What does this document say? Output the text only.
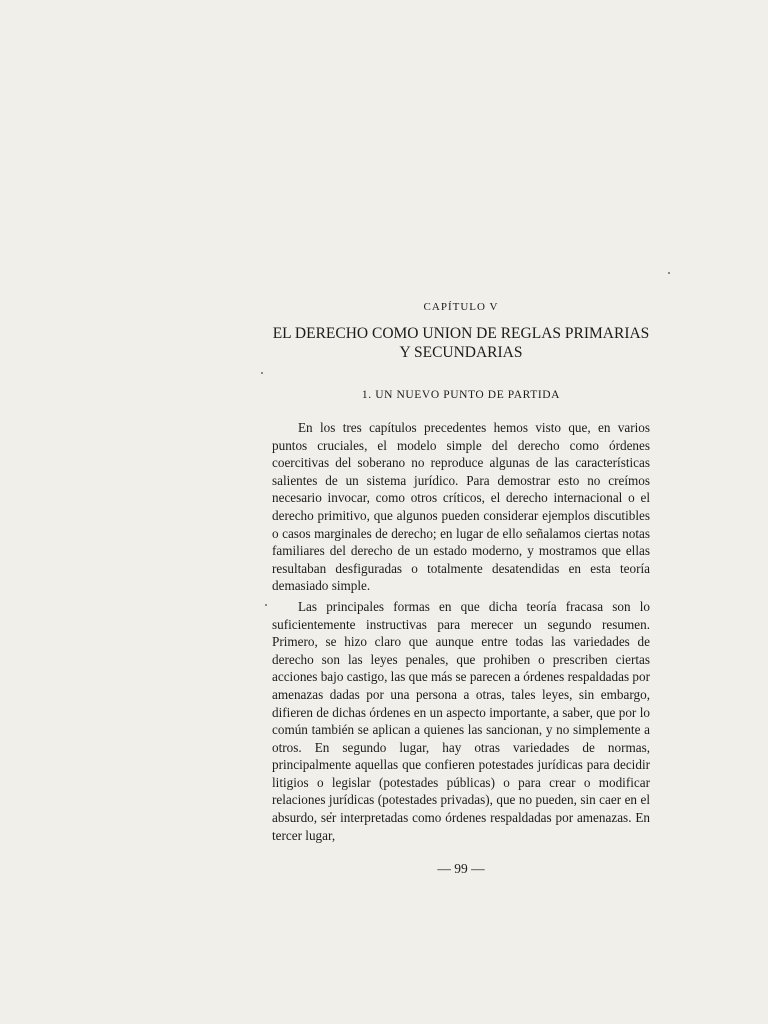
CAPÍTULO V
EL DERECHO COMO UNION DE REGLAS PRIMARIAS
Y SECUNDARIAS
1. UN NUEVO PUNTO DE PARTIDA

En los tres capítulos precedentes hemos visto que, en varios puntos cruciales, el modelo simple del derecho como órdenes coercitivas del soberano no reproduce algunas de las características salientes de un sistema jurídico. Para demostrar esto no creímos necesario invocar, como otros críticos, el derecho internacional o el derecho primitivo, que algunos pueden considerar ejemplos discutibles o casos marginales de derecho; en lugar de ello señalamos ciertas notas familiares del derecho de un estado moderno, y mostramos que ellas resultaban desfiguradas o totalmente desatendidas en esta teoría demasiado simple.

Las principales formas en que dicha teoría fracasa son lo suficientemente instructivas para merecer un segundo resumen. Primero, se hizo claro que aunque entre todas las variedades de derecho son las leyes penales, que prohiben o prescriben ciertas acciones bajo castigo, las que más se parecen a órdenes respaldadas por amenazas dadas por una persona a otras, tales leyes, sin embargo, difieren de dichas órdenes en un aspecto importante, a saber, que por lo común también se aplican a quienes las sancionan, y no simplemente a otros. En segundo lugar, hay otras variedades de normas, principalmente aquellas que confieren potestades jurídicas para decidir litigios o legislar (potestades públicas) o para crear o modificar relaciones jurídicas (potestades privadas), que no pueden, sin caer en el absurdo, ser interpretadas como órdenes respaldadas por amenazas. En tercer lugar,

— 99 —
